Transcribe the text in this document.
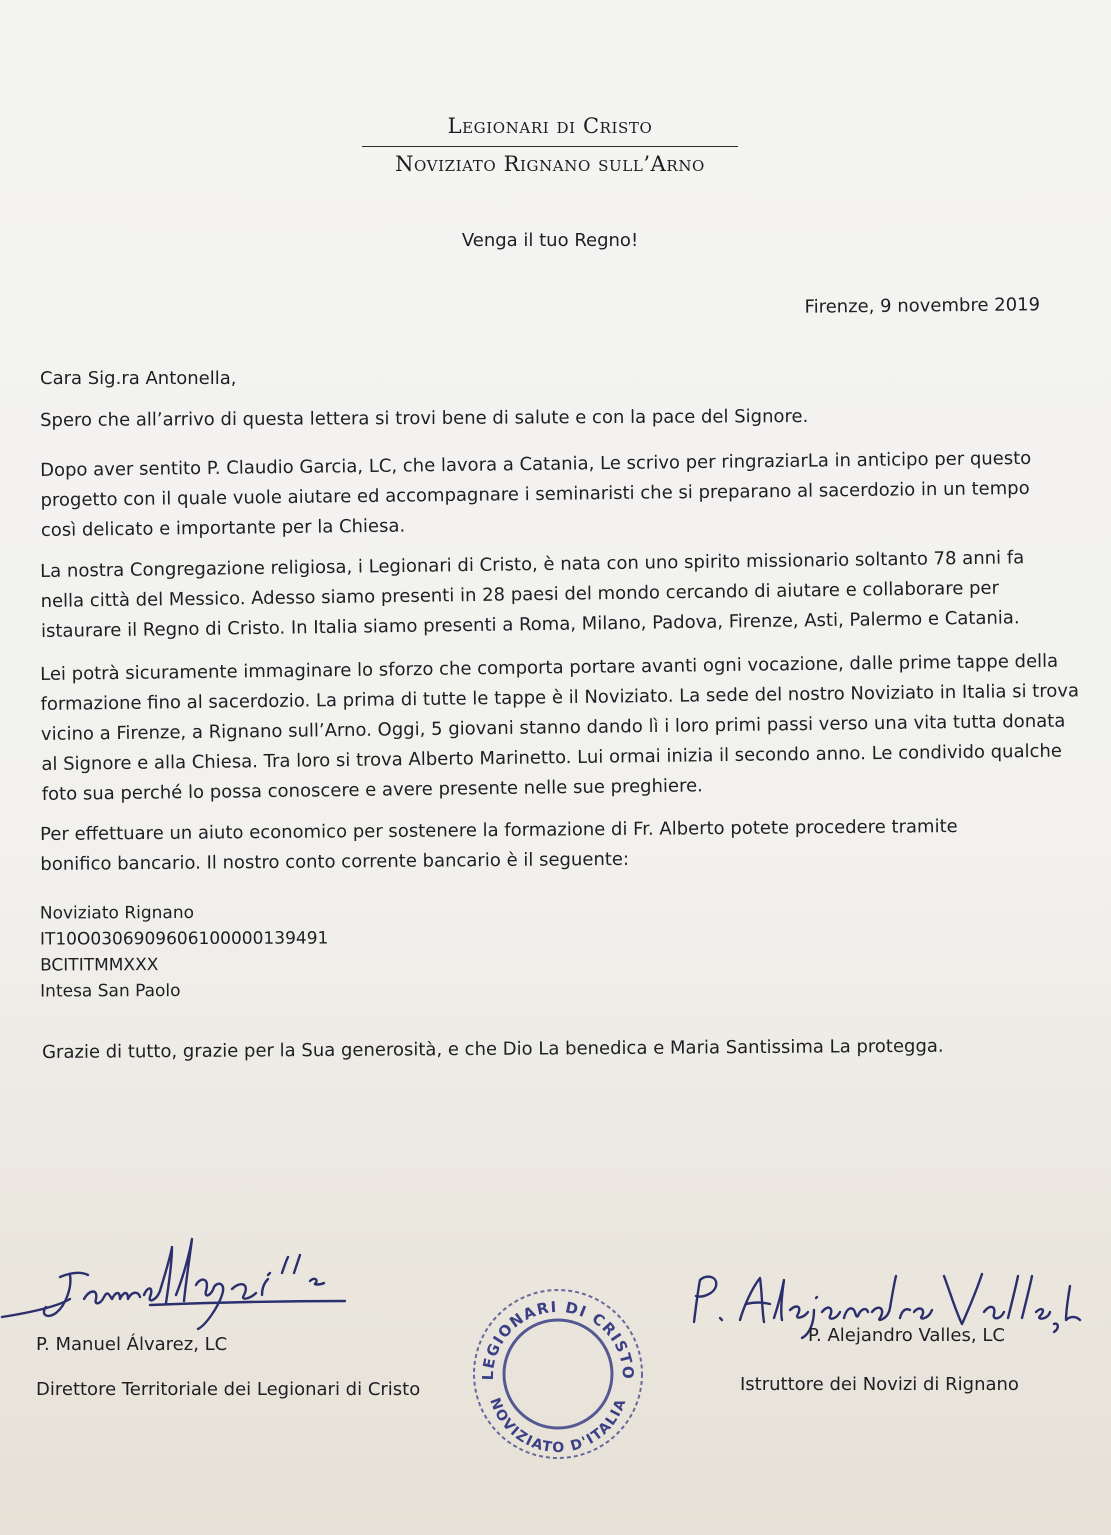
Legionari di Cristo
Noviziato Rignano sull’Arno
Venga il tuo Regno!
Firenze, 9 novembre 2019
Cara Sig.ra Antonella,
Spero che all’arrivo di questa lettera si trovi bene di salute e con la pace del Signore.
Dopo aver sentito P. Claudio Garcia, LC, che lavora a Catania, Le scrivo per ringraziarLa in anticipo per questo progetto con il quale vuole aiutare ed accompagnare i seminaristi che si preparano al sacerdozio in un tempo così delicato e importante per la Chiesa.
La nostra Congregazione religiosa, i Legionari di Cristo, è nata con uno spirito missionario soltanto 78 anni fa nella città del Messico. Adesso siamo presenti in 28 paesi del mondo cercando di aiutare e collaborare per istaurare il Regno di Cristo. In Italia siamo presenti a Roma, Milano, Padova, Firenze, Asti, Palermo e Catania.
Lei potrà sicuramente immaginare lo sforzo che comporta portare avanti ogni vocazione, dalle prime tappe della formazione fino al sacerdozio. La prima di tutte le tappe è il Noviziato. La sede del nostro Noviziato in Italia si trova vicino a Firenze, a Rignano sull’Arno. Oggi, 5 giovani stanno dando lì i loro primi passi verso una vita tutta donata al Signore e alla Chiesa. Tra loro si trova Alberto Marinetto. Lui ormai inizia il secondo anno. Le condivido qualche foto sua perché lo possa conoscere e avere presente nelle sue preghiere.
Per effettuare un aiuto economico per sostenere la formazione di Fr. Alberto potete procedere tramite bonifico bancario. Il nostro conto corrente bancario è il seguente:
Noviziato Rignano
IT10O0306909606100000139491
BCITITMMXXX
Intesa San Paolo
Grazie di tutto, grazie per la Sua generosità, e che Dio La benedica e Maria Santissima La protegga.
P. Manuel Álvarez, LC
Direttore Territoriale dei Legionari di Cristo
LEGIONARI DI CRISTO
NOVIZIATO D'ITALIA
P. Alejandro Valles, LC
Istruttore dei Novizi di Rignano
